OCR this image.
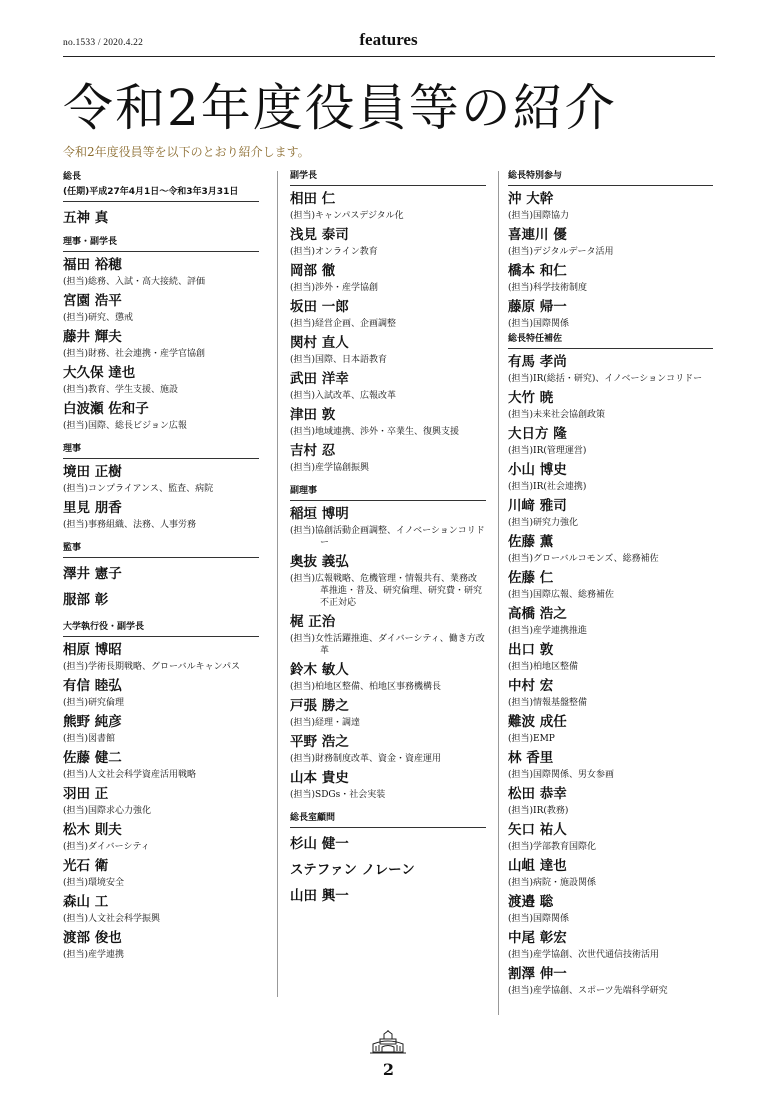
no.1533 / 2020.4.22	features
令和2年度役員等の紹介
令和2年度役員等を以下のとおり紹介します。
総長
(任期)平成27年4月1日～令和3年3月31日
五神 真
理事・副学長
福田 裕穂
(担当)総務、入試・高大接続、評価
宮園 浩平
(担当)研究、懲戒
藤井 輝夫
(担当)財務、社会連携・産学官協創
大久保 達也
(担当)教育、学生支援、施設
白波瀬 佐和子
(担当)国際、総長ビジョン広報
理事
境田 正樹
(担当)コンプライアンス、監査、病院
里見 朋香
(担当)事務組織、法務、人事労務
監事
澤井 憲子
服部 彰
大学執行役・副学長
相原 博昭
(担当)学術長期戦略、グローバルキャンパス
有信 睦弘
(担当)研究倫理
熊野 純彦
(担当)図書館
佐藤 健二
(担当)人文社会科学資産活用戦略
羽田 正
(担当)国際求心力強化
松木 則夫
(担当)ダイバーシティ
光石 衛
(担当)環境安全
森山 工
(担当)人文社会科学振興
渡部 俊也
(担当)産学連携
副学長
相田 仁
(担当)キャンパスデジタル化
浅見 泰司
(担当)オンライン教育
岡部 徹
(担当)渉外・産学協創
坂田 一郎
(担当)経営企画、企画調整
関村 直人
(担当)国際、日本語教育
武田 洋幸
(担当)入試改革、広報改革
津田 敦
(担当)地域連携、渉外・卒業生、復興支援
吉村 忍
(担当)産学協創振興
副理事
稲垣 博明
(担当)協創活動企画調整、イノベーションコリドー
奥抜 義弘
(担当)広報戦略、危機管理・情報共有、業務改革推進・普及、研究倫理、研究費・研究不正対応
梶 正治
(担当)女性活躍推進、ダイバーシティ、働き方改革
鈴木 敏人
(担当)柏地区整備、柏地区事務機構長
戸張 勝之
(担当)経理・調達
平野 浩之
(担当)財務制度改革、資金・資産運用
山本 貴史
(担当)SDGs・社会実装
総長室顧問
杉山 健一
ステファン ノレーン
山田 興一
総長特別参与
沖 大幹
(担当)国際協力
喜連川 優
(担当)デジタルデータ活用
橋本 和仁
(担当)科学技術制度
藤原 帰一
(担当)国際関係
総長特任補佐
有馬 孝尚
(担当)IR(総括・研究)、イノベーションコリドー
大竹 暁
(担当)未来社会協創政策
大日方 隆
(担当)IR(管理運営)
小山 博史
(担当)IR(社会連携)
川﨑 雅司
(担当)研究力強化
佐藤 薫
(担当)グローバルコモンズ、総務補佐
佐藤 仁
(担当)国際広報、総務補佐
高橋 浩之
(担当)産学連携推進
出口 敦
(担当)柏地区整備
中村 宏
(担当)情報基盤整備
難波 成任
(担当)EMP
林 香里
(担当)国際関係、男女参画
松田 恭幸
(担当)IR(教務)
矢口 祐人
(担当)学部教育国際化
山岨 達也
(担当)病院・施設関係
渡邉 聡
(担当)国際関係
中尾 彰宏
(担当)産学協創、次世代通信技術活用
割澤 伸一
(担当)産学協創、スポーツ先端科学研究
2
